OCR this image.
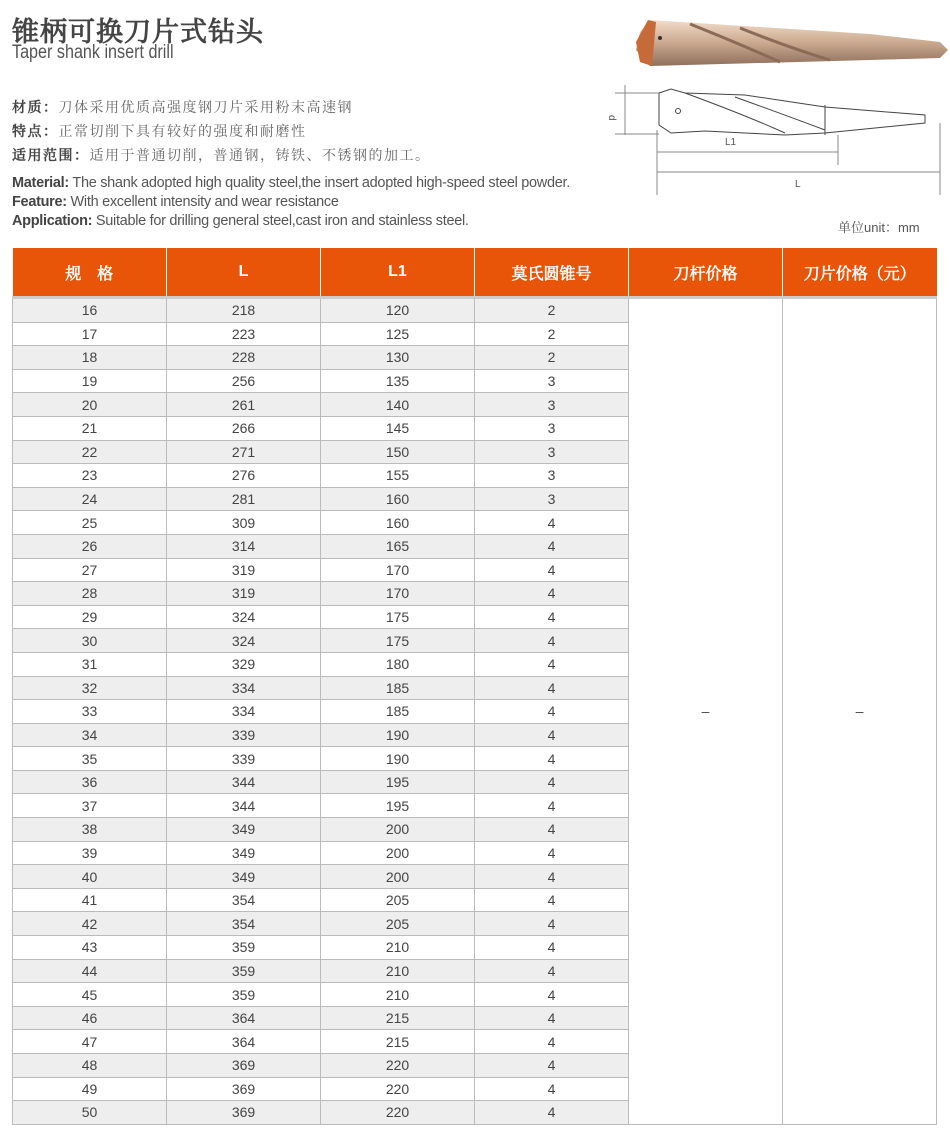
锥柄可换刀片式钻头
Taper shank insert drill
材质：刀体采用优质高强度钢刀片采用粉末高速钢
特点：正常切削下具有较好的强度和耐磨性
适用范围：适用于普通切削，普通钢，铸铁、不锈钢的加工。
Material: The shank adopted high quality steel,the insert adopted high-speed steel powder.
Feature: With excellent intensity and wear resistance
Application: Suitable for drilling general steel,cast iron and stainless steel.
d
L1
L
单位unit：mm
规　格	L	L1	莫氏圆锥号	刀杆价格	刀片价格（元）
16	218	120	2	–	–
17	223	125	2		
18	228	130	2		
19	256	135	3		
20	261	140	3		
21	266	145	3		
22	271	150	3		
23	276	155	3		
24	281	160	3		
25	309	160	4		
26	314	165	4		
27	319	170	4		
28	319	170	4		
29	324	175	4		
30	324	175	4		
31	329	180	4		
32	334	185	4		
33	334	185	4		
34	339	190	4		
35	339	190	4		
36	344	195	4		
37	344	195	4		
38	349	200	4		
39	349	200	4		
40	349	200	4		
41	354	205	4		
42	354	205	4		
43	359	210	4		
44	359	210	4		
45	359	210	4		
46	364	215	4		
47	364	215	4		
48	369	220	4		
49	369	220	4		
50	369	220	4		
